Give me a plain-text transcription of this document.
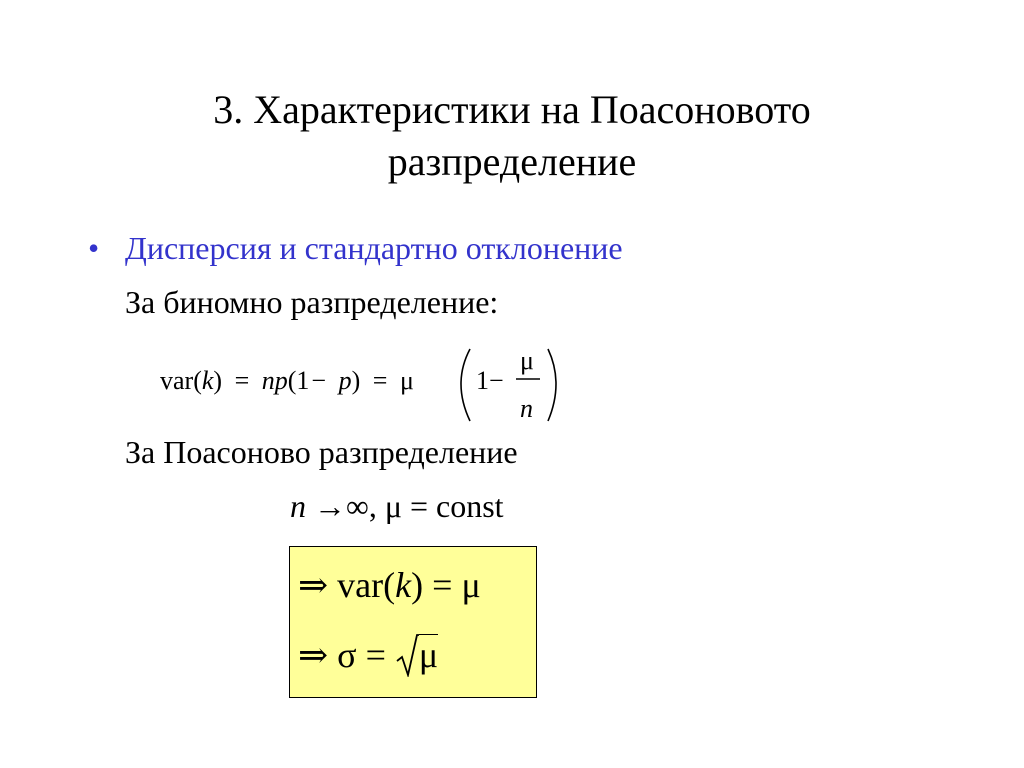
3. Характеристики на Поасоновото
разпределение
• Дисперсия и стандартно отклонение
За биномно разпределение:
var(k) = np(1− p) = μ 1−
μ
n
За Поасоново разпределение
n →∞, μ = const
⇒ var(k) = μ
⇒ σ = μ
